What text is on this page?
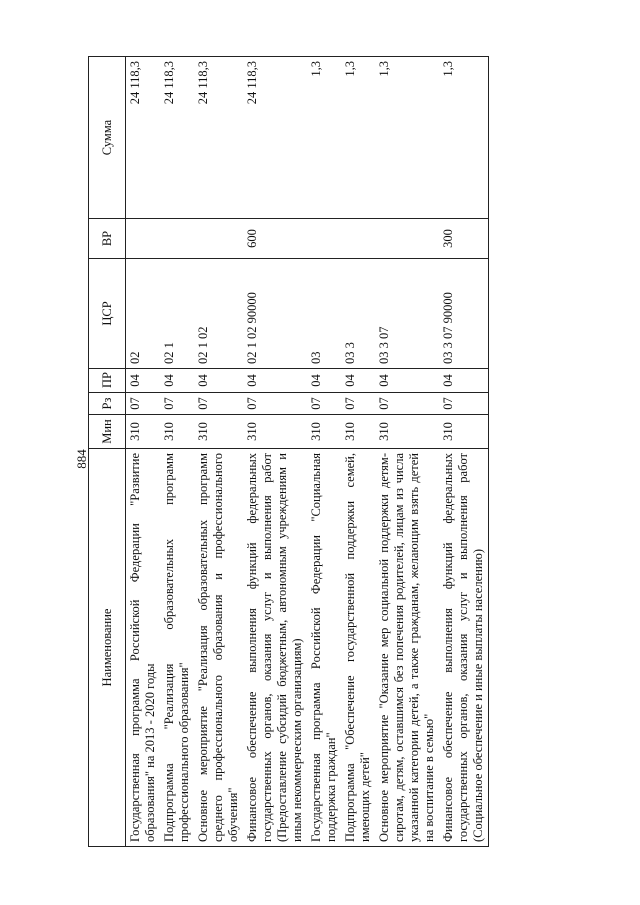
884
Наименование	Мин	Рз	ПР	ЦСР	ВР	Сумма
Государственная программа Российской Федерации "Развитие образования" на 2013 - 2020 годы	310	07	04	02		24 118,3
Подпрограмма "Реализация образовательных программ профессионального образования"	310	07	04	02 1		24 118,3
Основное мероприятие "Реализация образовательных программ среднего профессионального образования и профессионального обучения"	310	07	04	02 1 02		24 118,3
Финансовое обеспечение выполнения функций федеральных государственных органов, оказания услуг и выполнения работ (Предоставление субсидий бюджетным, автономным учреждениям и иным некоммерческим организациям)	310	07	04	02 1 02 90000	600	24 118,3
Государственная программа Российской Федерации "Социальная поддержка граждан"	310	07	04	03		1,3
Подпрограмма "Обеспечение государственной поддержки семей, имеющих детей"	310	07	04	03 3		1,3
Основное мероприятие "Оказание мер социальной поддержки детям-сиротам, детям, оставшимся без попечения родителей, лицам из числа указанной категории детей, а также гражданам, желающим взять детей на воспитание в семью"	310	07	04	03 3 07		1,3
Финансовое обеспечение выполнения функций федеральных государственных органов, оказания услуг и выполнения работ (Социальное обеспечение и иные выплаты населению)	310	07	04	03 3 07 90000	300	1,3
